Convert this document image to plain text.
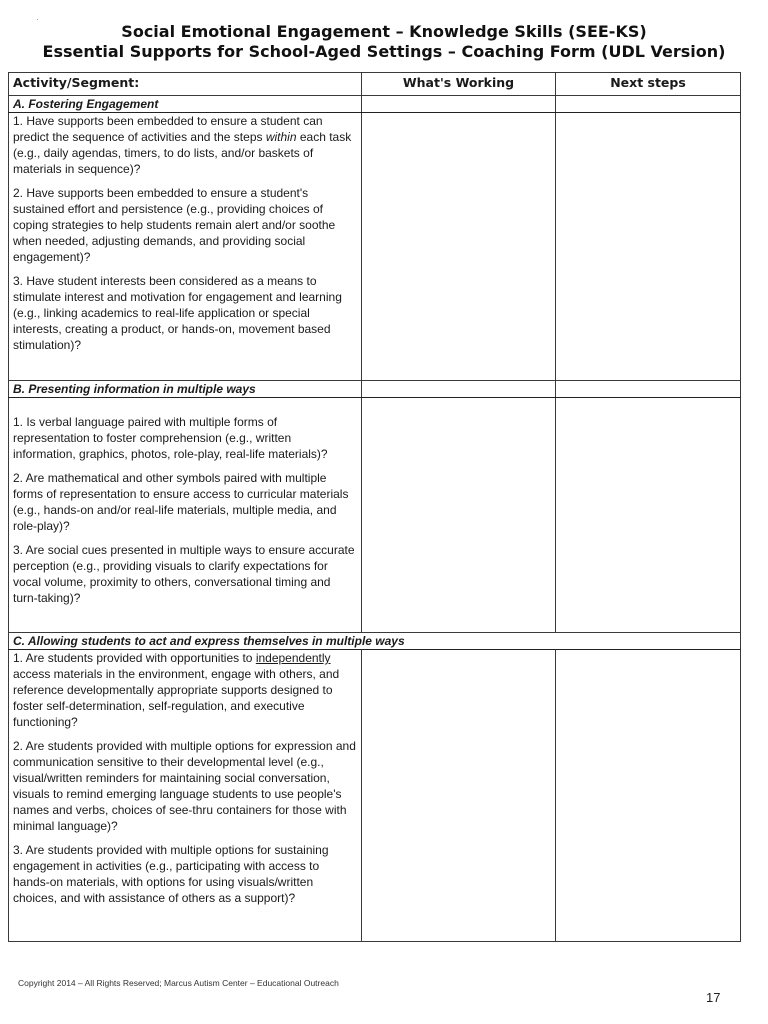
·
Social Emotional Engagement – Knowledge Skills (SEE-KS)
Essential Supports for School-Aged Settings – Coaching Form (UDL Version)
Activity/Segment:	What's Working	Next steps
A. Fostering Engagement		

1. Have supports been embedded to ensure a student can predict the sequence of activities and the steps within each task (e.g., daily agendas, timers, to do lists, and/or baskets of materials in sequence)?

2. Have supports been embedded to ensure a student's sustained effort and persistence (e.g., providing choices of coping strategies to help students remain alert and/or soothe when needed, adjusting demands, and providing social engagement)?

3. Have student interests been considered as a means to stimulate interest and motivation for engagement and learning (e.g., linking academics to real-life application or special interests, creating a product, or hands-on, movement based stimulation)?		

B. Presenting information in multiple ways		

1. Is verbal language paired with multiple forms of representation to foster comprehension (e.g., written information, graphics, photos, role-play, real-life materials)?

2. Are mathematical and other symbols paired with multiple forms of representation to ensure access to curricular materials (e.g., hands-on and/or real-life materials, multiple media, and role-play)?

3. Are social cues presented in multiple ways to ensure accurate perception (e.g., providing visuals to clarify expectations for vocal volume, proximity to others, conversational timing and turn-taking)?		

C. Allowing students to act and express themselves in multiple ways		

1. Are students provided with opportunities to independently access materials in the environment, engage with others, and reference developmentally appropriate supports designed to foster self-determination, self-regulation, and executive functioning?

2. Are students provided with multiple options for expression and communication sensitive to their developmental level (e.g., visual/written reminders for maintaining social conversation, visuals to remind emerging language students to use people's names and verbs, choices of see-thru containers for those with minimal language)?

3. Are students provided with multiple options for sustaining engagement in activities (e.g., participating with access to hands-on materials, with options for using visuals/written choices, and with assistance of others as a support)?		

Copyright 2014 – All Rights Reserved; Marcus Autism Center – Educational Outreach
17
